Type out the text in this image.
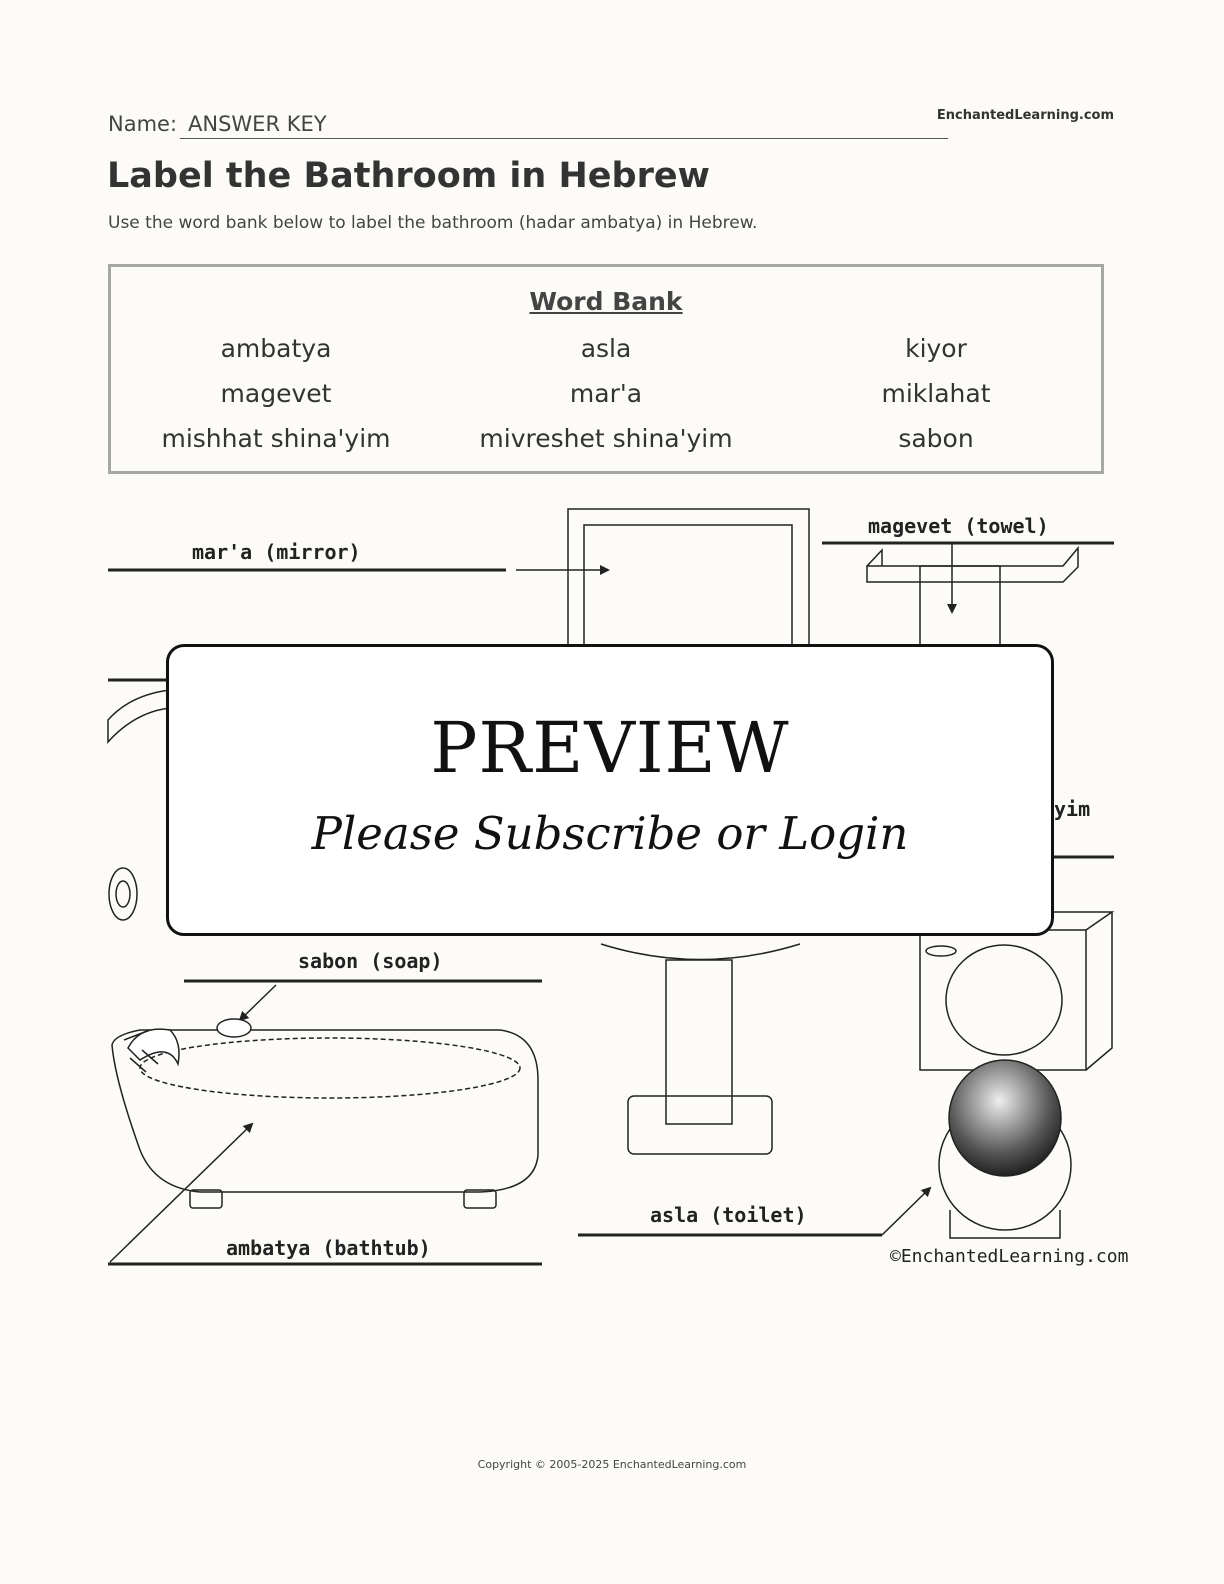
Name: ANSWER KEY	EnchantedLearning.com
Label the Bathroom in Hebrew
Use the word bank below to label the bathroom (hadar ambatya) in Hebrew.
Word Bank
ambatya	asla	kiyor
magevet	mar'a	miklahat
mishhat shina'yim	mivreshet shina'yim	sabon
mar'a (mirror)
magevet (towel)
yim
sabon (soap)
ambatya (bathtub)
asla (toilet)
©EnchantedLearning.com
PREVIEW
Please Subscribe or Login
Copyright © 2005-2025 EnchantedLearning.com
